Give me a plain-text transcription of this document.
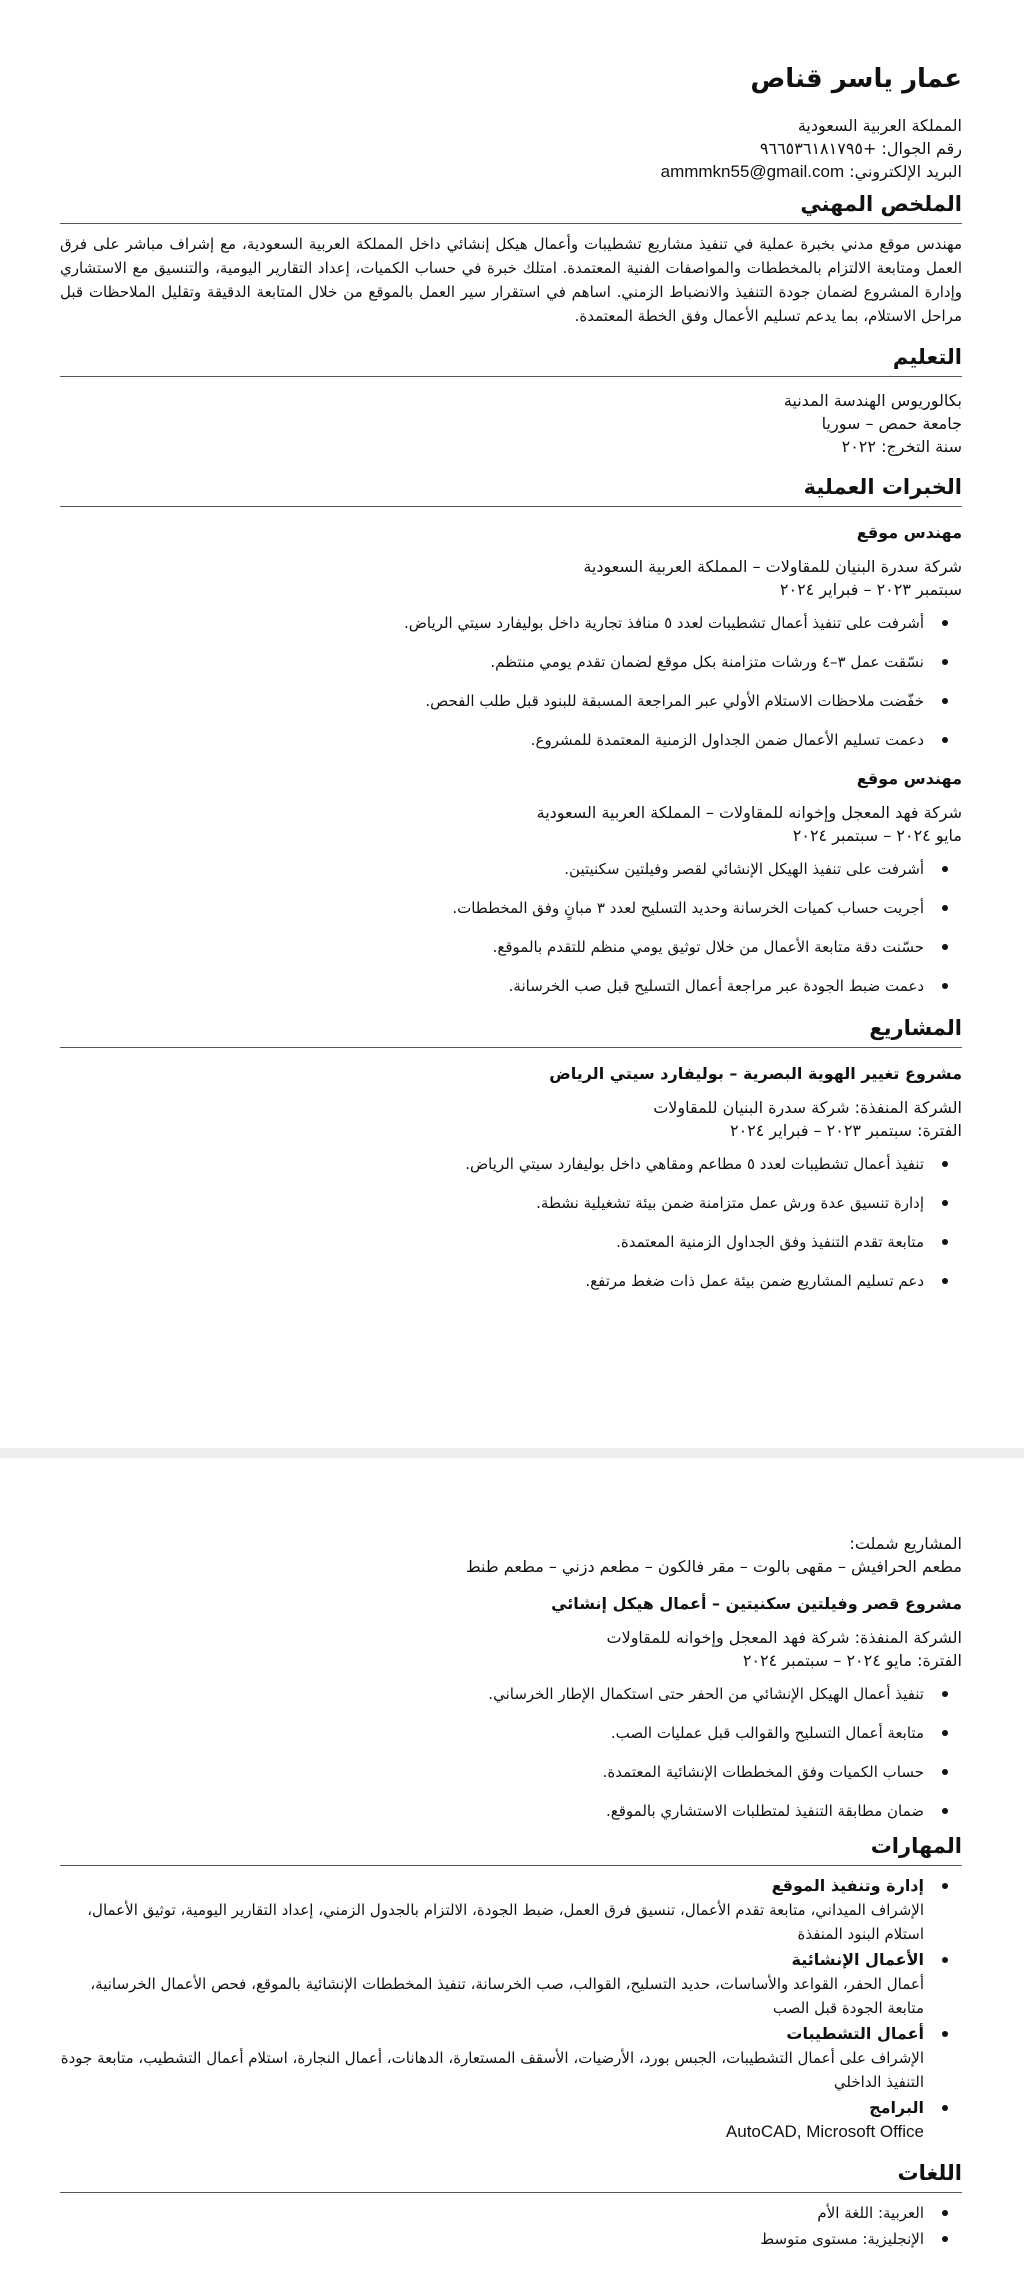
عمار ياسر قناص

المملكة العربية السعودية

رقم الجوال: +٩٦٦٥٣٦١٨١٧٩٥

البريد الإلكتروني: ammmkn55@gmail.com

الملخص المهني

مهندس موقع مدني بخبرة عملية في تنفيذ مشاريع تشطيبات وأعمال هيكل إنشائي داخل المملكة العربية السعودية، مع إشراف مباشر على فرق العمل ومتابعة الالتزام بالمخططات والمواصفات الفنية المعتمدة. امتلك خبرة في حساب الكميات، إعداد التقارير اليومية، والتنسيق مع الاستشاري وإدارة المشروع لضمان جودة التنفيذ والانضباط الزمني. اساهم في استقرار سير العمل بالموقع من خلال المتابعة الدقيقة وتقليل الملاحظات قبل مراحل الاستلام، بما يدعم تسليم الأعمال وفق الخطة المعتمدة.

التعليم

بكالوريوس الهندسة المدنية

جامعة حمص – سوريا

سنة التخرج: ٢٠٢٢

الخبرات العملية

مهندس موقع

شركة سدرة البنيان للمقاولات – المملكة العربية السعودية

سبتمبر ٢٠٢٣ – فبراير ٢٠٢٤

أشرفت على تنفيذ أعمال تشطيبات لعدد ٥ منافذ تجارية داخل بوليفارد سيتي الرياض.
نسّقت عمل ٣–٤ ورشات متزامنة بكل موقع لضمان تقدم يومي منتظم.
خفّضت ملاحظات الاستلام الأولي عبر المراجعة المسبقة للبنود قبل طلب الفحص.
دعمت تسليم الأعمال ضمن الجداول الزمنية المعتمدة للمشروع.

مهندس موقع

شركة فهد المعجل وإخوانه للمقاولات – المملكة العربية السعودية

مايو ٢٠٢٤ – سبتمبر ٢٠٢٤

أشرفت على تنفيذ الهيكل الإنشائي لقصر وفيلتين سكنيتين.
أجريت حساب كميات الخرسانة وحديد التسليح لعدد ٣ مبانٍ وفق المخططات.
حسّنت دقة متابعة الأعمال من خلال توثيق يومي منظم للتقدم بالموقع.
دعمت ضبط الجودة عبر مراجعة أعمال التسليح قبل صب الخرسانة.
المشاريع

مشروع تغيير الهوية البصرية – بوليفارد سيتي الرياض

الشركة المنفذة: شركة سدرة البنيان للمقاولات

الفترة: سبتمبر ٢٠٢٣ – فبراير ٢٠٢٤

تنفيذ أعمال تشطيبات لعدد ٥ مطاعم ومقاهي داخل بوليفارد سيتي الرياض.
إدارة تنسيق عدة ورش عمل متزامنة ضمن بيئة تشغيلية نشطة.
متابعة تقدم التنفيذ وفق الجداول الزمنية المعتمدة.
دعم تسليم المشاريع ضمن بيئة عمل ذات ضغط مرتفع.

المشاريع شملت:

مطعم الحرافيش – مقهى بالوت – مقر فالكون – مطعم دزني – مطعم طنط

مشروع قصر وفيلتين سكنيتين – أعمال هيكل إنشائي

الشركة المنفذة: شركة فهد المعجل وإخوانه للمقاولات

الفترة: مايو ٢٠٢٤ – سبتمبر ٢٠٢٤

تنفيذ أعمال الهيكل الإنشائي من الحفر حتى استكمال الإطار الخرساني.
متابعة أعمال التسليح والقوالب قبل عمليات الصب.
حساب الكميات وفق المخططات الإنشائية المعتمدة.
ضمان مطابقة التنفيذ لمتطلبات الاستشاري بالموقع.
المهارات
إدارة وتنفيذ الموقع
الإشراف الميداني، متابعة تقدم الأعمال، تنسيق فرق العمل، ضبط الجودة، الالتزام بالجدول الزمني، إعداد التقارير اليومية، توثيق الأعمال، استلام البنود المنفذة
الأعمال الإنشائية
أعمال الحفر، القواعد والأساسات، حديد التسليح، القوالب، صب الخرسانة، تنفيذ المخططات الإنشائية بالموقع، فحص الأعمال الخرسانية، متابعة الجودة قبل الصب
أعمال التشطيبات
الإشراف على أعمال التشطيبات، الجبس بورد، الأرضيات، الأسقف المستعارة، الدهانات، أعمال النجارة، استلام أعمال التشطيب، متابعة جودة التنفيذ الداخلي
البرامج
AutoCAD, Microsoft Office
اللغات
العربية: اللغة الأم
الإنجليزية: مستوى متوسط
